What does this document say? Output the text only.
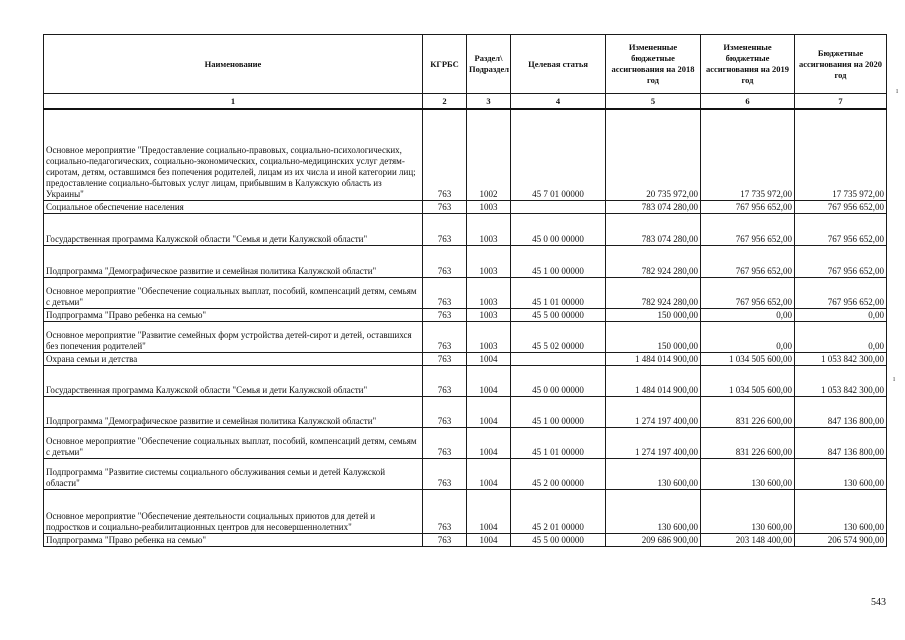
Наименование	КГРБС	Раздел\ Подраздел	Целевая статья	Измененные бюджетные ассигнования на 2018 год	Измененные бюджетные ассигнования на 2019 год	Бюджетные ассигнования на 2020 год
1	2	3	4	5	6	7
Основное мероприятие "Предоставление социально-правовых, социально-психологических, социально-педагогических, социально-экономических, социально-медицинских услуг детям-сиротам, детям, оставшимся без попечения родителей, лицам из их числа и иной категории лиц; предоставление социально-бытовых услуг лицам, прибывшим в Калужскую область из Украины"	763	1002	45 7 01 00000	20 735 972,00	17 735 972,00	17 735 972,00
Социальное обеспечение населения	763	1003		783 074 280,00	767 956 652,00	767 956 652,00
Государственная программа Калужской области "Семья и дети Калужской области"	763	1003	45 0 00 00000	783 074 280,00	767 956 652,00	767 956 652,00
Подпрограмма "Демографическое развитие и семейная политика Калужской области"	763	1003	45 1 00 00000	782 924 280,00	767 956 652,00	767 956 652,00
Основное мероприятие "Обеспечение социальных выплат, пособий, компенсаций детям, семьям с детьми"	763	1003	45 1 01 00000	782 924 280,00	767 956 652,00	767 956 652,00
Подпрограмма "Право ребенка на семью"	763	1003	45 5 00 00000	150 000,00	0,00	0,00
Основное мероприятие "Развитие семейных форм устройства детей-сирот и детей, оставшихся без попечения родителей"	763	1003	45 5 02 00000	150 000,00	0,00	0,00
Охрана семьи и детства	763	1004		1 484 014 900,00	1 034 505 600,00	1 053 842 300,00
Государственная программа Калужской области "Семья и дети Калужской области"	763	1004	45 0 00 00000	1 484 014 900,00	1 034 505 600,00	1 053 842 300,00
Подпрограмма "Демографическое развитие и семейная политика Калужской области"	763	1004	45 1 00 00000	1 274 197 400,00	831 226 600,00	847 136 800,00
Основное мероприятие "Обеспечение социальных выплат, пособий, компенсаций детям, семьям с детьми"	763	1004	45 1 01 00000	1 274 197 400,00	831 226 600,00	847 136 800,00
Подпрограмма "Развитие системы социального обслуживания семьи и детей Калужской области"	763	1004	45 2 00 00000	130 600,00	130 600,00	130 600,00
Основное мероприятие "Обеспечение деятельности социальных приютов для детей и подростков и социально-реабилитационных центров для несовершеннолетних"	763	1004	45 2 01 00000	130 600,00	130 600,00	130 600,00
Подпрограмма "Право ребенка на семью"	763	1004	45 5 00 00000	209 686 900,00	203 148 400,00	206 574 900,00
543
ı
ı
